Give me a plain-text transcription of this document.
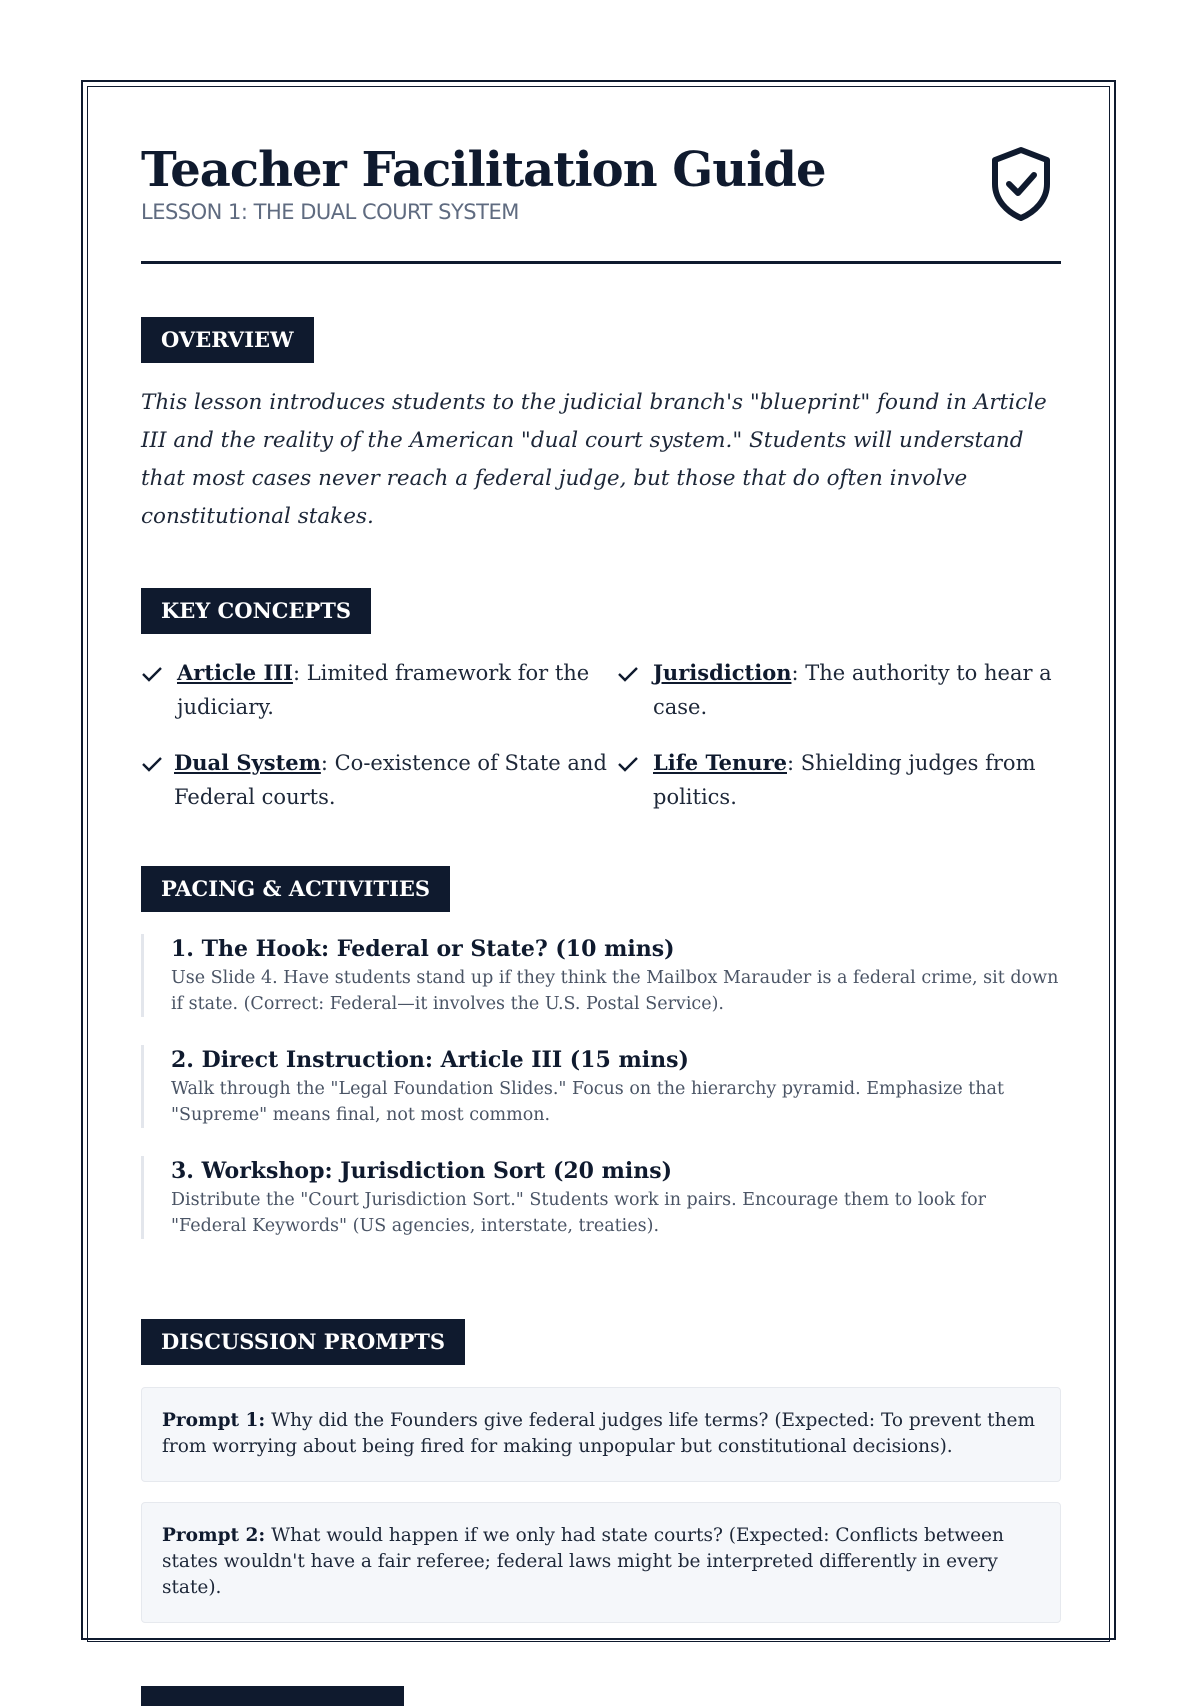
Teacher Facilitation Guide
LESSON 1: THE DUAL COURT SYSTEM
OVERVIEW
This lesson introduces students to the judicial branch's "blueprint" found in Article III and the reality of the American "dual court system." Students will understand that most cases never reach a federal judge, but those that do often involve constitutional stakes.
KEY CONCEPTS
Article III: Limited framework for the judiciary.
Jurisdiction: The authority to hear a case.
Dual System: Co-existence of State and Federal courts.
Life Tenure: Shielding judges from politics.
PACING & ACTIVITIES
1. The Hook: Federal or State? (10 mins)
Use Slide 4. Have students stand up if they think the Mailbox Marauder is a federal crime, sit down if state. (Correct: Federal—it involves the U.S. Postal Service).
2. Direct Instruction: Article III (15 mins)
Walk through the "Legal Foundation Slides." Focus on the hierarchy pyramid. Emphasize that "Supreme" means final, not most common.
3. Workshop: Jurisdiction Sort (20 mins)
Distribute the "Court Jurisdiction Sort." Students work in pairs. Encourage them to look for "Federal Keywords" (US agencies, interstate, treaties).
DISCUSSION PROMPTS
Prompt 1: Why did the Founders give federal judges life terms? (Expected: To prevent them from worrying about being fired for making unpopular but constitutional decisions).
Prompt 2: What would happen if we only had state courts? (Expected: Conflicts between states wouldn't have a fair referee; federal laws might be interpreted differently in every state).
